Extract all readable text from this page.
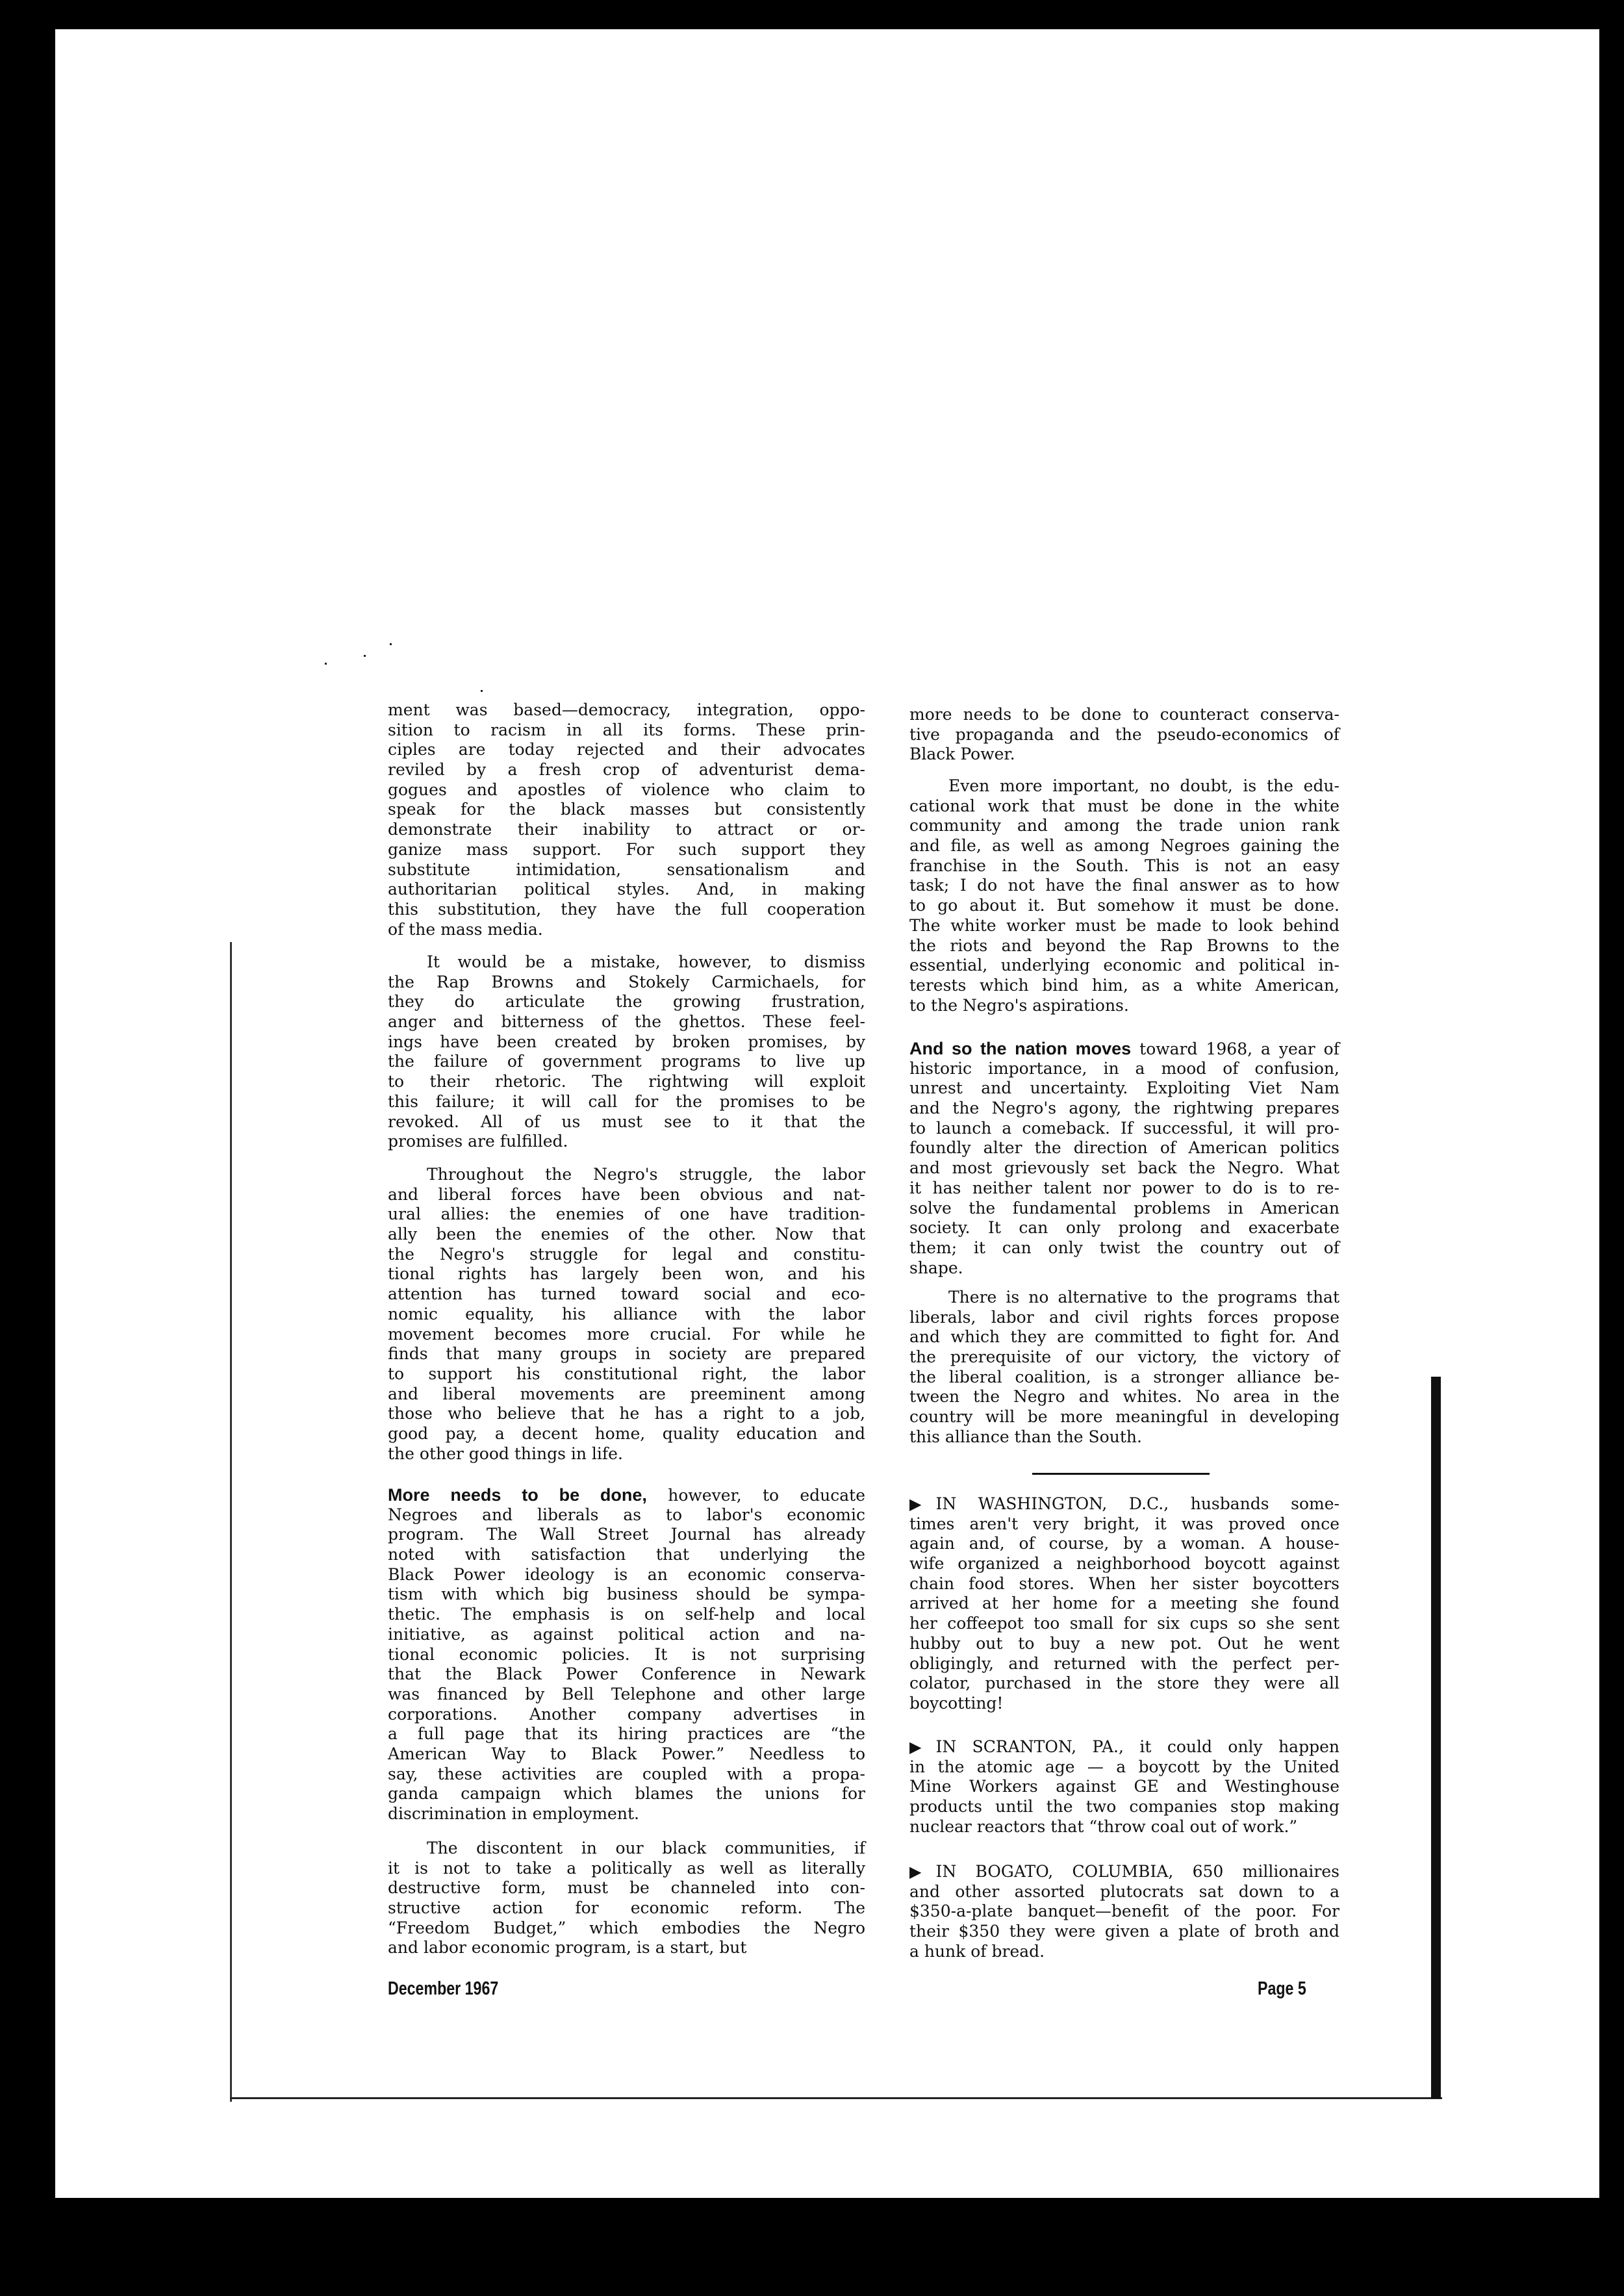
ment was based—democracy, integration, oppo-
sition to racism in all its forms. These prin-
ciples are today rejected and their advocates
reviled by a fresh crop of adventurist dema-
gogues and apostles of violence who claim to
speak for the black masses but consistently
demonstrate their inability to attract or or-
ganize mass support. For such support they
substitute intimidation, sensationalism and
authoritarian political styles. And, in making
this substitution, they have the full cooperation
of the mass media.
It would be a mistake, however, to dismiss
the Rap Browns and Stokely Carmichaels, for
they do articulate the growing frustration,
anger and bitterness of the ghettos. These feel-
ings have been created by broken promises, by
the failure of government programs to live up
to their rhetoric. The rightwing will exploit
this failure; it will call for the promises to be
revoked. All of us must see to it that the
promises are fulfilled.
Throughout the Negro's struggle, the labor
and liberal forces have been obvious and nat-
ural allies: the enemies of one have tradition-
ally been the enemies of the other. Now that
the Negro's struggle for legal and constitu-
tional rights has largely been won, and his
attention has turned toward social and eco-
nomic equality, his alliance with the labor
movement becomes more crucial. For while he
finds that many groups in society are prepared
to support his constitutional right, the labor
and liberal movements are preeminent among
those who believe that he has a right to a job,
good pay, a decent home, quality education and
the other good things in life.
More needs to be done, however, to educate
Negroes and liberals as to labor's economic
program. The Wall Street Journal has already
noted with satisfaction that underlying the
Black Power ideology is an economic conserva-
tism with which big business should be sympa-
thetic. The emphasis is on self-help and local
initiative, as against political action and na-
tional economic policies. It is not surprising
that the Black Power Conference in Newark
was financed by Bell Telephone and other large
corporations. Another company advertises in
a full page that its hiring practices are “the
American Way to Black Power.” Needless to
say, these activities are coupled with a propa-
ganda campaign which blames the unions for
discrimination in employment.
The discontent in our black communities, if
it is not to take a politically as well as literally
destructive form, must be channeled into con-
structive action for economic reform. The
“Freedom Budget,” which embodies the Negro
and labor economic program, is a start, but
more needs to be done to counteract conserva-
tive propaganda and the pseudo-economics of
Black Power.
Even more important, no doubt, is the edu-
cational work that must be done in the white
community and among the trade union rank
and file, as well as among Negroes gaining the
franchise in the South. This is not an easy
task; I do not have the final answer as to how
to go about it. But somehow it must be done.
The white worker must be made to look behind
the riots and beyond the Rap Browns to the
essential, underlying economic and political in-
terests which bind him, as a white American,
to the Negro's aspirations.
And so the nation moves toward 1968, a year of
historic importance, in a mood of confusion,
unrest and uncertainty. Exploiting Viet Nam
and the Negro's agony, the rightwing prepares
to launch a comeback. If successful, it will pro-
foundly alter the direction of American politics
and most grievously set back the Negro. What
it has neither talent nor power to do is to re-
solve the fundamental problems in American
society. It can only prolong and exacerbate
them; it can only twist the country out of
shape.
There is no alternative to the programs that
liberals, labor and civil rights forces propose
and which they are committed to fight for. And
the prerequisite of our victory, the victory of
the liberal coalition, is a stronger alliance be-
tween the Negro and whites. No area in the
country will be more meaningful in developing
this alliance than the South.
▶ IN WASHINGTON, D.C., husbands some-
times aren't very bright, it was proved once
again and, of course, by a woman. A house-
wife organized a neighborhood boycott against
chain food stores. When her sister boycotters
arrived at her home for a meeting she found
her coffeepot too small for six cups so she sent
hubby out to buy a new pot. Out he went
obligingly, and returned with the perfect per-
colator, purchased in the store they were all
boycotting!
▶ IN SCRANTON, PA., it could only happen
in the atomic age — a boycott by the United
Mine Workers against GE and Westinghouse
products until the two companies stop making
nuclear reactors that “throw coal out of work.”
▶ IN BOGATO, COLUMBIA, 650 millionaires
and other assorted plutocrats sat down to a
$350-a-plate banquet—benefit of the poor. For
their $350 they were given a plate of broth and
a hunk of bread.
December 1967	Page 5
